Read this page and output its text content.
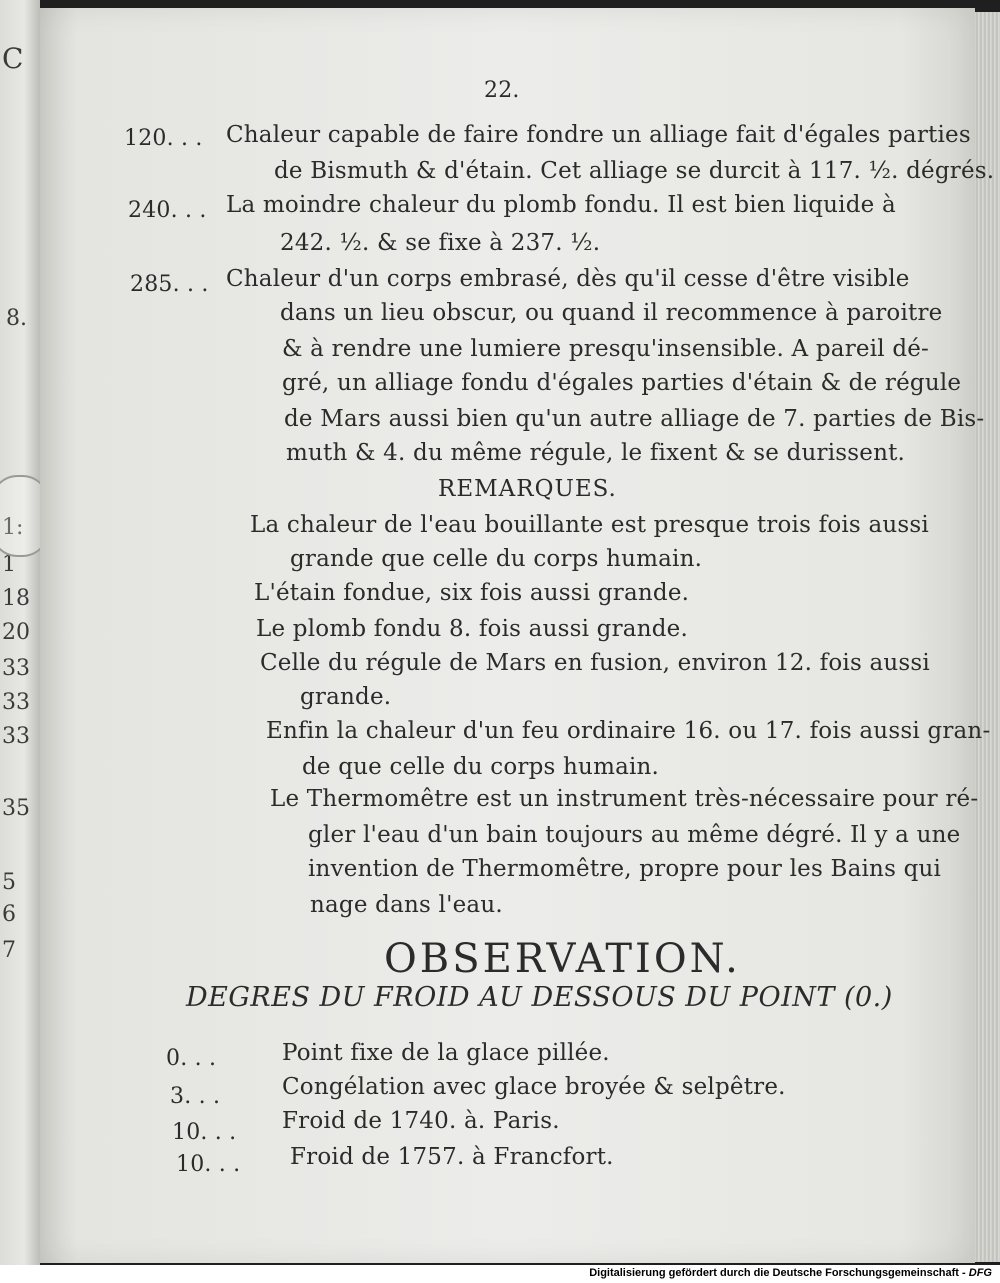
C
8.
1:
1
18
20
33
33
33
35
5
6
7
22.
120. . . Chaleur capable de faire fondre un alliage fait d'égales parties
de Bismuth & d'étain. Cet alliage se durcit à 117. ½. dégrés.
240. . . La moindre chaleur du plomb fondu. Il est bien liquide à
242. ½. & se fixe à 237. ½.
285. . . Chaleur d'un corps embrasé, dès qu'il cesse d'être visible
dans un lieu obscur, ou quand il recommence à paroitre
& à rendre une lumiere presqu'insensible. A pareil dé-
gré, un alliage fondu d'égales parties d'étain & de régule
de Mars aussi bien qu'un autre alliage de 7. parties de Bis-
muth & 4. du même régule, le fixent & se durissent.
REMARQUES.
La chaleur de l'eau bouillante est presque trois fois aussi
grande que celle du corps humain.
L'étain fondue, six fois aussi grande.
Le plomb fondu 8. fois aussi grande.
Celle du régule de Mars en fusion, environ 12. fois aussi
grande.
Enfin la chaleur d'un feu ordinaire 16. ou 17. fois aussi gran-
de que celle du corps humain.
Le Thermomêtre est un instrument très-nécessaire pour ré-
gler l'eau d'un bain toujours au même dégré. Il y a une
invention de Thermomêtre, propre pour les Bains qui
nage dans l'eau.
OBSERVATION.
DEGRES DU FROID AU DESSOUS DU POINT (0.)
0. . .	Point fixe de la glace pillée.
3. . .	Congélation avec glace broyée & selpêtre.
10. . . Froid de 1740. à. Paris.
10. . . Froid de 1757. à Francfort.
Digitalisierung gefördert durch die Deutsche Forschungsgemeinschaft - DFG
